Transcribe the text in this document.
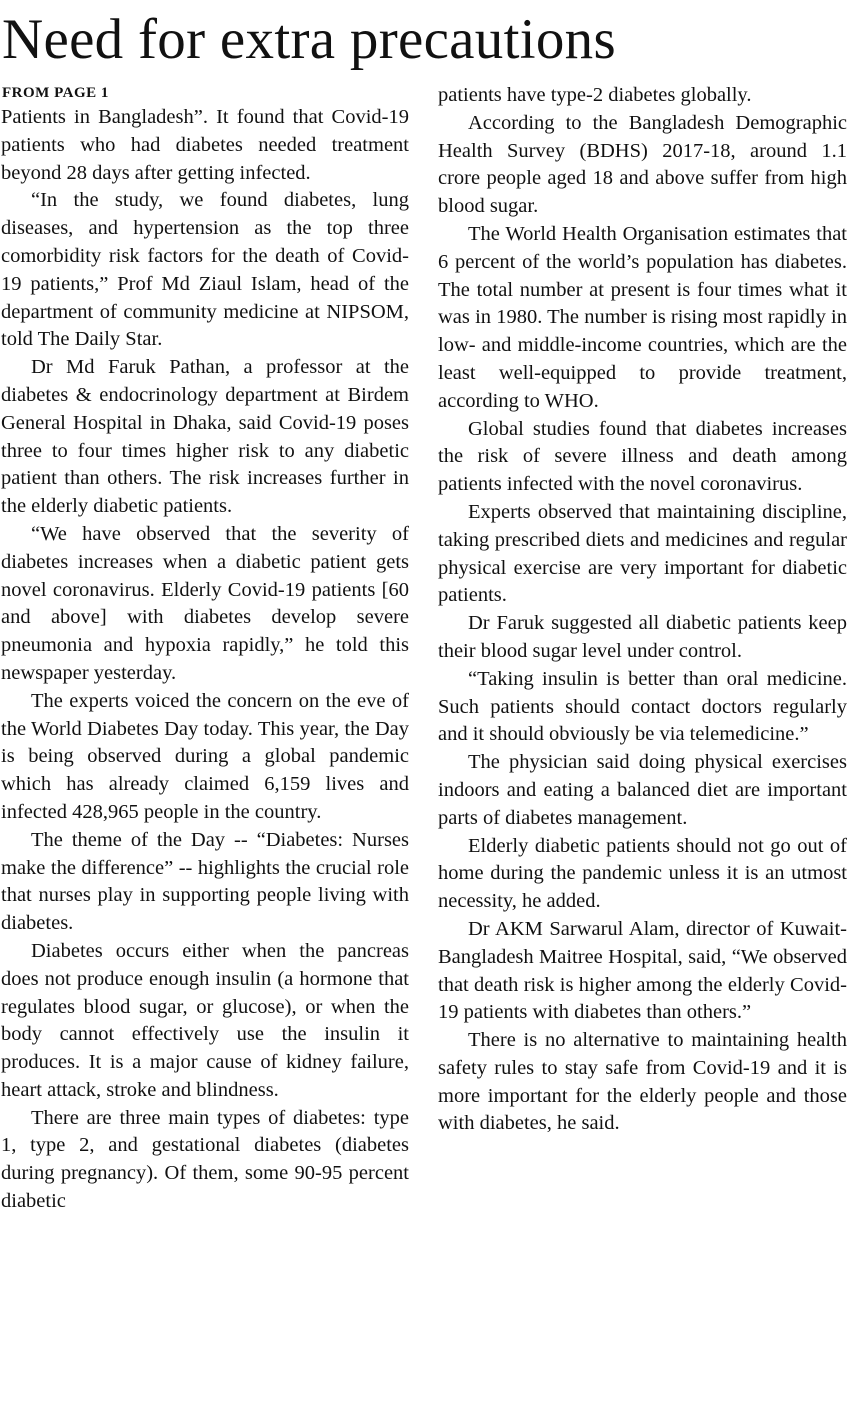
Need for extra precautions
FROM PAGE 1

Patients in Bangladesh”. It found that Covid-19 patients who had diabetes needed treatment beyond 28 days after getting infected.

“In the study, we found diabetes, lung diseases, and hypertension as the top three comorbidity risk factors for the death of Covid-19 patients,” Prof Md Ziaul Islam, head of the department of community medicine at NIPSOM, told The Daily Star.

Dr Md Faruk Pathan, a professor at the diabetes & endocrinology department at Birdem General Hospital in Dhaka, said Covid-19 poses three to four times higher risk to any diabetic patient than others. The risk increases further in the elderly diabetic patients.

“We have observed that the severity of diabetes increases when a diabetic patient gets novel coronavirus. Elderly Covid-19 patients [60 and above] with diabetes develop severe pneumonia and hypoxia rapidly,” he told this newspaper yesterday.

The experts voiced the concern on the eve of the World Diabetes Day today. This year, the Day is being observed during a global pandemic which has already claimed 6,159 lives and infected 428,965 people in the country.

The theme of the Day -- “Diabetes: Nurses make the difference” -- highlights the crucial role that nurses play in supporting people living with diabetes.

Diabetes occurs either when the pancreas does not produce enough insulin (a hormone that regulates blood sugar, or glucose), or when the body cannot effectively use the insulin it produces. It is a major cause of kidney failure, heart attack, stroke and blindness.

There are three main types of diabetes: type 1, type 2, and gestational diabetes (diabetes during pregnancy). Of them, some 90-95 percent diabetic

patients have type-2 diabetes globally.

According to the Bangladesh Demographic Health Survey (BDHS) 2017-18, around 1.1 crore people aged 18 and above suffer from high blood sugar.

The World Health Organisation estimates that 6 percent of the world’s population has diabetes. The total number at present is four times what it was in 1980. The number is rising most rapidly in low- and middle-income countries, which are the least well-equipped to provide treatment, according to WHO.

Global studies found that diabetes increases the risk of severe illness and death among patients infected with the novel coronavirus.

Experts observed that maintaining discipline, taking prescribed diets and medicines and regular physical exercise are very important for diabetic patients.

Dr Faruk suggested all diabetic patients keep their blood sugar level under control.

“Taking insulin is better than oral medicine. Such patients should contact doctors regularly and it should obviously be via telemedicine.”

The physician said doing physical exercises indoors and eating a balanced diet are important parts of diabetes management.

Elderly diabetic patients should not go out of home during the pandemic unless it is an utmost necessity, he added.

Dr AKM Sarwarul Alam, director of Kuwait-Bangladesh Maitree Hospital, said, “We observed that death risk is higher among the elderly Covid-19 patients with diabetes than others.”

There is no alternative to maintaining health safety rules to stay safe from Covid-19 and it is more important for the elderly people and those with diabetes, he said.
